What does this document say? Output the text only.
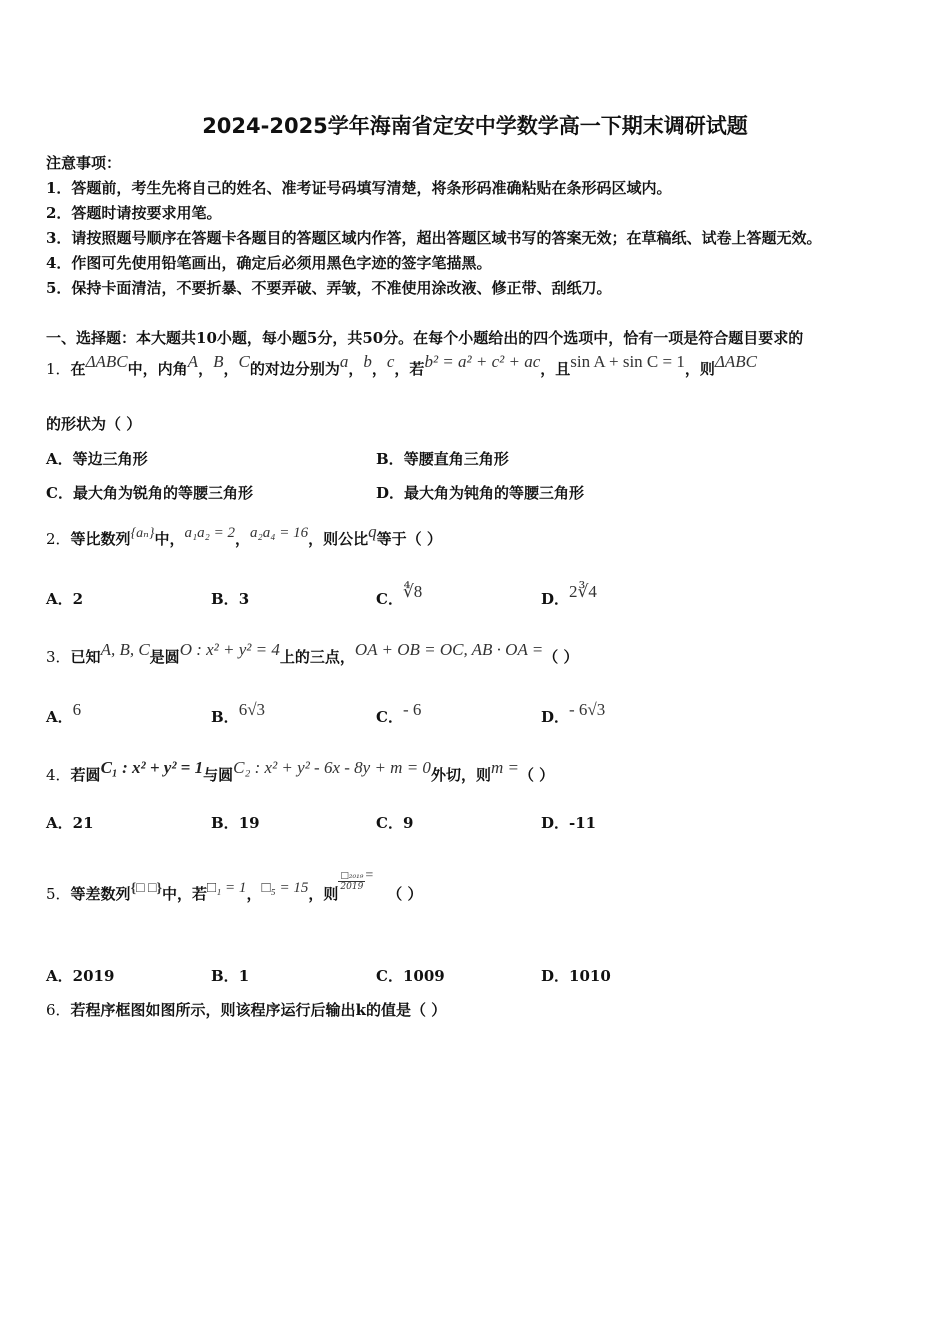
2024-2025学年海南省定安中学数学高一下期末调研试题
注意事项：
1．答题前，考生先将自己的姓名、准考证号码填写清楚，将条形码准确粘贴在条形码区域内。
2．答题时请按要求用笔。
3．请按照题号顺序在答题卡各题目的答题区域内作答，超出答题区域书写的答案无效；在草稿纸、试卷上答题无效。
4．作图可先使用铅笔画出，确定后必须用黑色字迹的签字笔描黑。
5．保持卡面清洁，不要折暴、不要弄破、弄皱，不准使用涂改液、修正带、刮纸刀。
一、选择题：本大题共10小题，每小题5分，共50分。在每个小题给出的四个选项中，恰有一项是符合题目要求的
1．在ΔABC中，内角A，B，C的对边分别为a，b，c，若b² = a² + c² + ac，且sin A + sin C = 1，则ΔABC
的形状为（ ）
A．等边三角形	B．等腰直角三角形
C．最大角为锐角的等腰三角形	D．最大角为钝角的等腰三角形
2．等比数列{aₙ}中，a₁a₂ = 2，a₂a₄ = 16，则公比q等于（ ）
A．2	B．3	C．∜8	D．2∛4
3．已知A, B, C是圆O : x² + y² = 4上的三点，OA + OB = OC, AB · OA =（ ）
A．6	B．6√3	C．- 6	D．- 6√3
4．若圆C₁ : x² + y² = 1与圆C₂ : x² + y² - 6x - 8y + m = 0外切，则m =（ ）
A．21	B．19	C．9	D．-11
5．等差数列{□ □}中，若□₁ = 1，□₅ = 15，则
$\frac{\text{□₂₀₁₉}}{2019}$ =（ ）
A．2019	B．1	C．1009	D．1010
6．若程序框图如图所示，则该程序运行后输出k的值是（ ）
